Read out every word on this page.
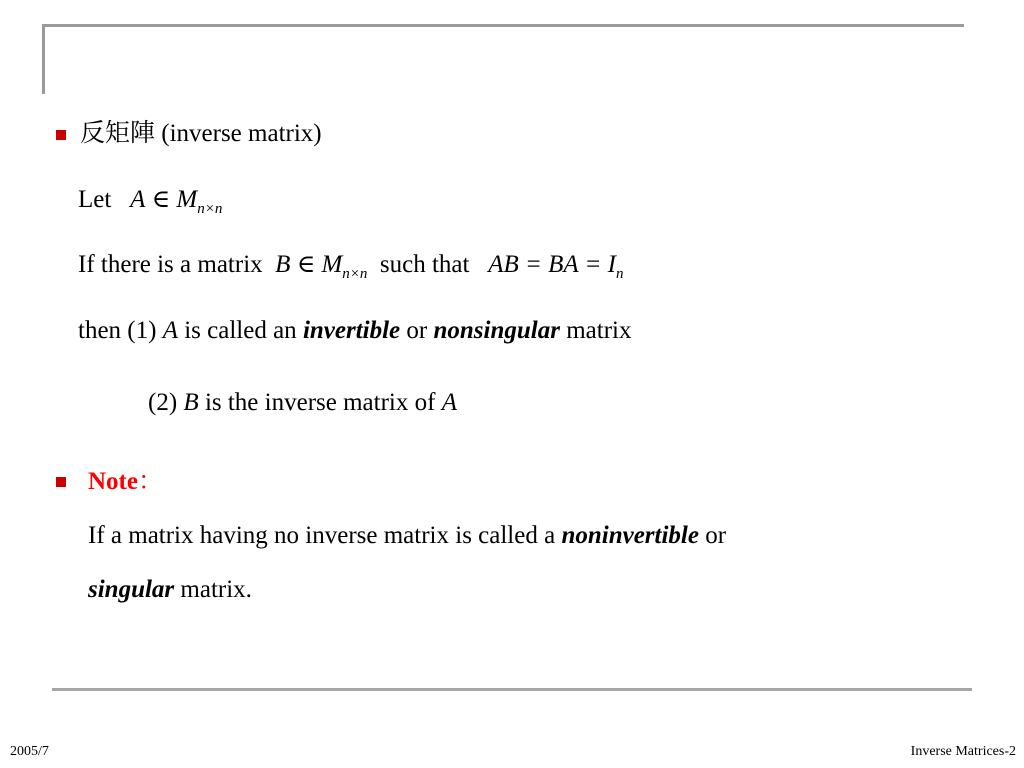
反矩陣 (inverse matrix)
Let A ∈ $M_{n\times n}$
If there is a matrix B ∈ $M_{n\times n}$ such that AB = BA = $I_n$
then (1) A is called an invertible or nonsingular matrix
(2) B is the inverse matrix of A
Note：
If a matrix having no inverse matrix is called a noninvertible or
singular matrix.
2005/7	Inverse Matrices-2
